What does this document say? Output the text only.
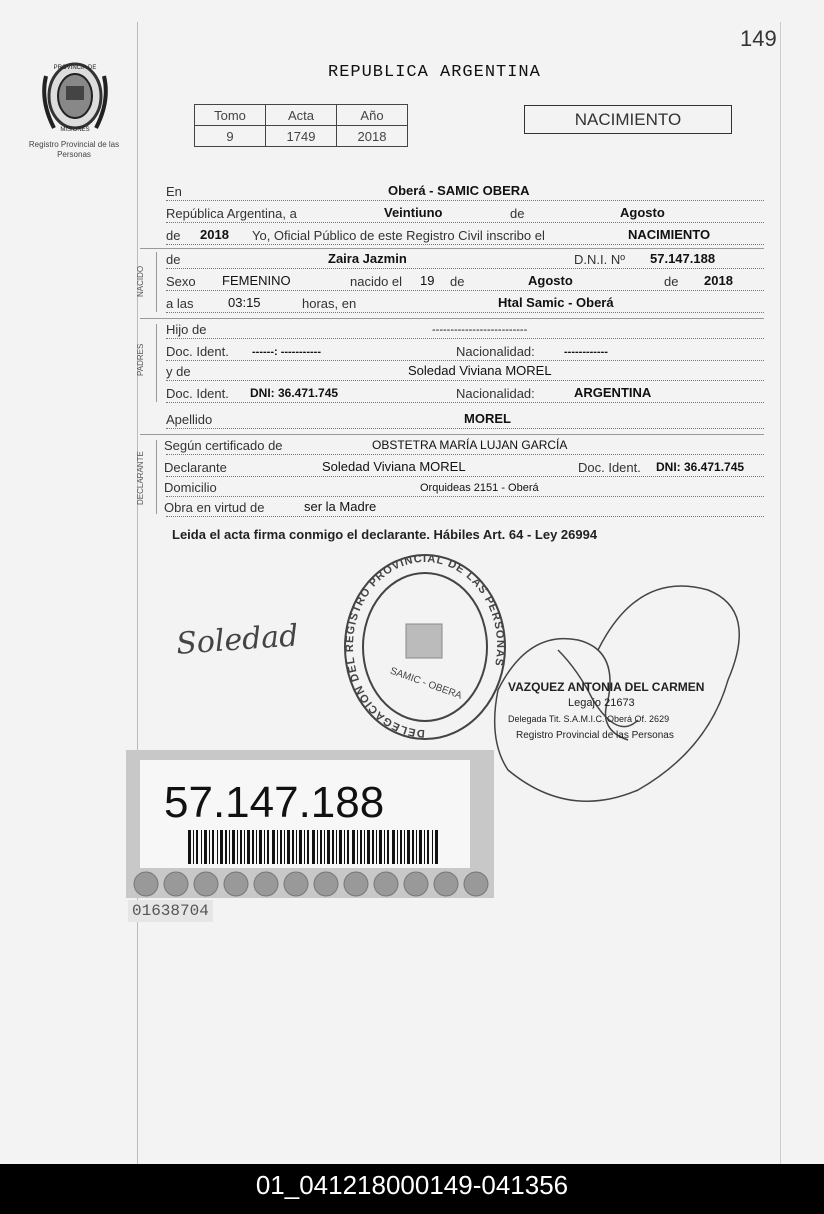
149
PROVINCIA DE
MISIONES
Registro Provincial de las Personas
REPUBLICA ARGENTINA
Tomo	Acta	Año
9	1749	2018
NACIMIENTO
En	Oberá - SAMIC OBERA
República Argentina, a	Veintiuno	de	Agosto
de 2018 Yo, Oficial Público de este Registro Civil inscribo el	NACIMIENTO
NACIDO
de	Zaira Jazmin	D.N.I. Nº 57.147.188
Sexo FEMENINO	nacido el 19 de	Agosto	de 2018
a las	03:15	horas, en	Htal Samic - Oberá
PADRES
Hijo de	--------------------------
Doc. Ident. ------: -----------	Nacionalidad:	------------
y de	Soledad Viviana MOREL
Doc. Ident. DNI: 36.471.745	Nacionalidad:	ARGENTINA
Apellido	MOREL
DECLARANTE
Según certificado de	OBSTETRA MARÍA LUJAN GARCÍA
Declarante	Soledad Viviana MOREL	Doc. Ident. DNI: 36.471.745
Domicilio	Orquideas 2151 - Oberá
Obra en virtud de	ser la Madre
Leida el acta firma conmigo el declarante. Hábiles Art. 64 - Ley 26994
Soledad
DELEGACIÓN DEL REGISTRO PROVINCIAL DE LAS PERSONAS
SAMIC - OBERA	VAZQUEZ ANTONIA DEL CARMEN
Legajo 21673
Delegada Tit. S.A.M.I.C. Oberá Of. 2629
Registro Provincial de las Personas
57.147.188
01638704
01_041218000149-041356
